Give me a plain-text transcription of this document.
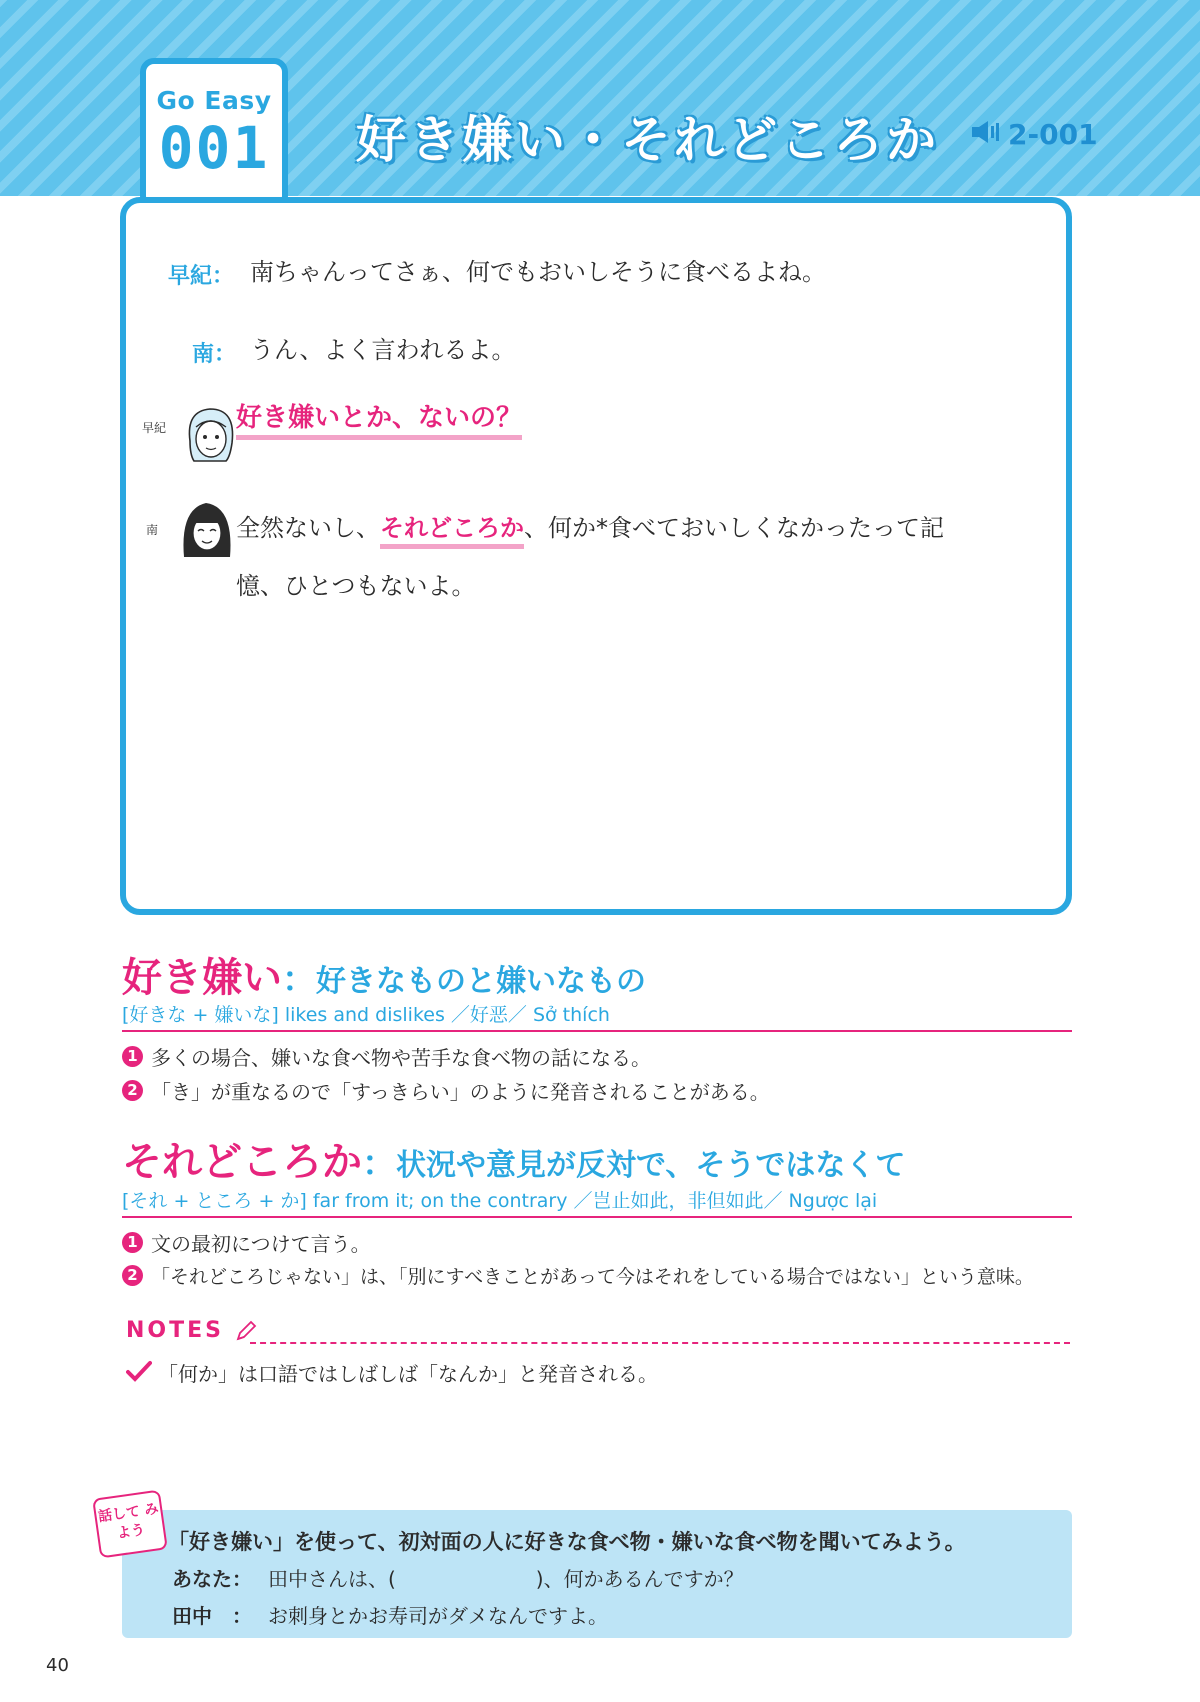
Go Easy
001 好き嫌い・それどころか 2-001
早紀： 南ちゃんってさぁ、何でもおいしそうに食べるよね。
南： うん、よく言われるよ。
早紀	好き嫌いとか、ないの？
南	全然ないし、それどころか、何か*食べておいしくなかったって記
憶、ひとつもないよ。
好き嫌い：好きなものと嫌いなもの
[好きな + 嫌いな] likes and dislikes ／好恶／ Sở thích
1 多くの場合、嫌いな食べ物や苦手な食べ物の話になる。
2 「き」が重なるので「すっきらい」のように発音されることがある。
それどころか：状況や意見が反対で、そうではなくて
[それ + ところ + か] far from it; on the contrary ／岂止如此，非但如此／ Ngược lại
1 文の最初につけて言う。
2 「それどころじゃない」は、「別にすべきことがあって今はそれをしている場合ではない」という意味。
NOTES
「何か」は口語ではしばしば「なんか」と発音される。
話して みよう	「好き嫌い」を使って、初対面の人に好きな食べ物・嫌いな食べ物を聞いてみよう。
あなた： 田中さんは、(　　　　　　　)、何かあるんですか？
田中　： お刺身とかお寿司がダメなんですよ。
40
